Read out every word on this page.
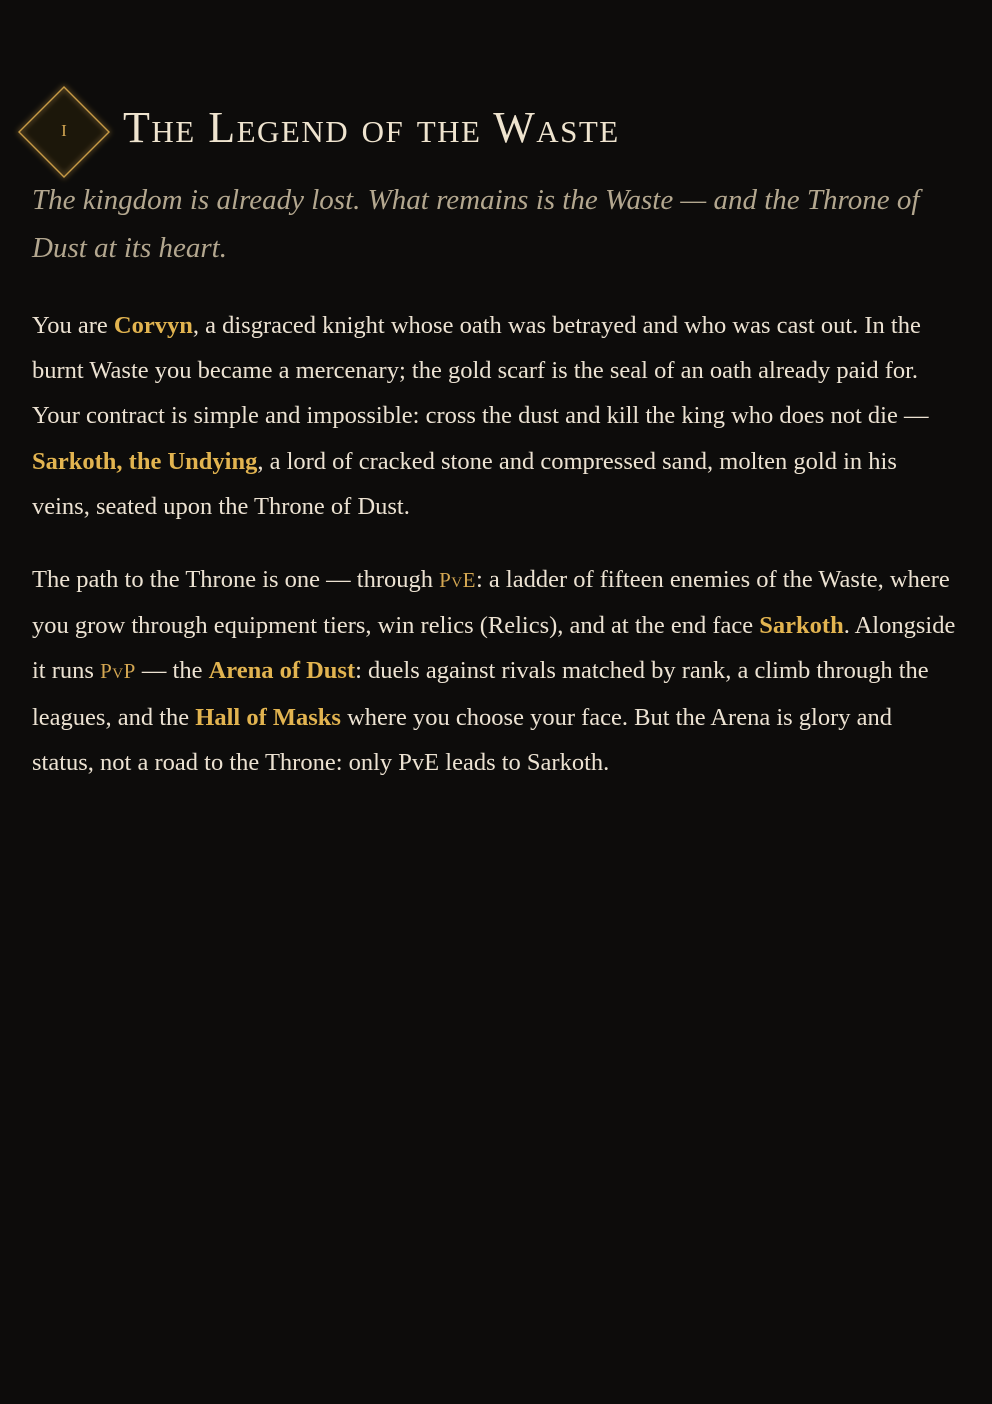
I	The Legend of the Waste

The kingdom is already lost. What remains is the Waste — and the Throne of Dust at its heart.

You are Corvyn, a disgraced knight whose oath was betrayed and who was cast out. In the burnt Waste you became a mercenary; the gold scarf is the seal of an oath already paid for. Your contract is simple and impossible: cross the dust and kill the king who does not die — Sarkoth, the Undying, a lord of cracked stone and compressed sand, molten gold in his veins, seated upon the Throne of Dust.

The path to the Throne is one — through PvE: a ladder of fifteen enemies of the Waste, where you grow through equipment tiers, win relics (Relics), and at the end face Sarkoth. Alongside it runs PvP — the Arena of Dust: duels against rivals matched by rank, a climb through the leagues, and the Hall of Masks where you choose your face. But the Arena is glory and status, not a road to the Throne: only PvE leads to Sarkoth.
